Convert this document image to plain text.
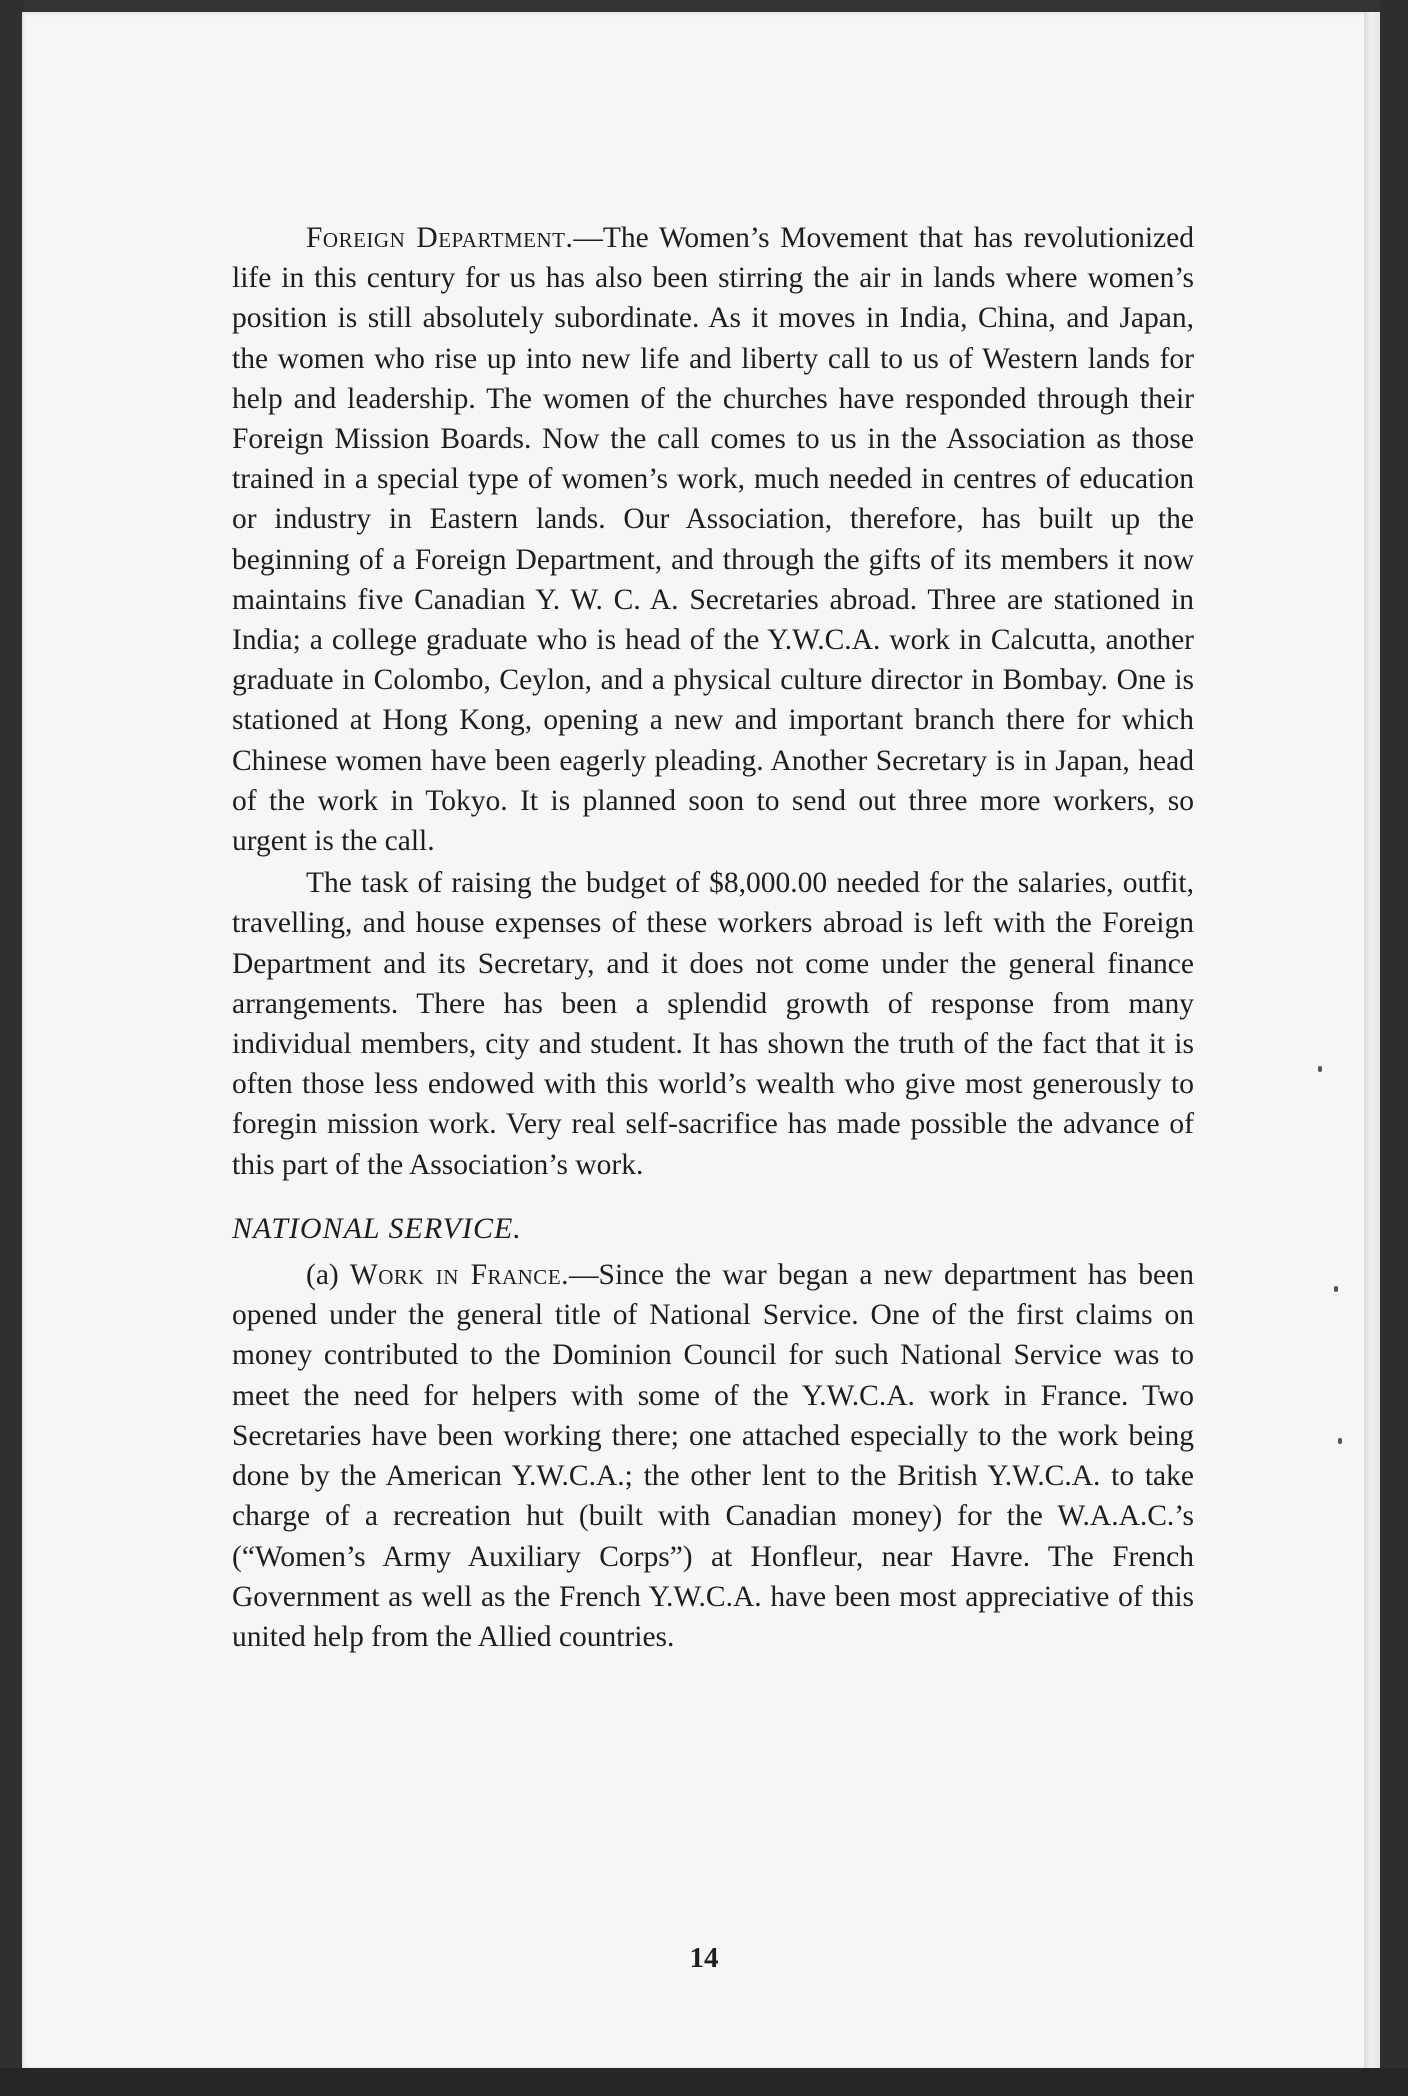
Foreign Department.—The Women’s Movement that has revolutionized life in this century for us has also been stirring the air in lands where women’s position is still absolutely subordinate. As it moves in India, China, and Japan, the women who rise up into new life and liberty call to us of Western lands for help and leadership. The women of the churches have responded through their Foreign Mission Boards. Now the call comes to us in the Association as those trained in a special type of women’s work, much needed in centres of education or industry in Eastern lands. Our Association, therefore, has built up the beginning of a Foreign Department, and through the gifts of its members it now maintains five Canadian Y. W. C. A. Secretaries abroad. Three are stationed in India; a college graduate who is head of the Y.W.C.A. work in Calcutta, another graduate in Colombo, Ceylon, and a physical culture director in Bombay. One is stationed at Hong Kong, opening a new and important branch there for which Chinese women have been eagerly pleading. Another Secretary is in Japan, head of the work in Tokyo. It is planned soon to send out three more workers, so urgent is the call.

The task of raising the budget of $8,000.00 needed for the salaries, outfit, travelling, and house expenses of these workers abroad is left with the Foreign Department and its Secretary, and it does not come under the general finance arrangements. There has been a splendid growth of response from many individual members, city and student. It has shown the truth of the fact that it is often those less endowed with this world’s wealth who give most generously to foregin mission work. Very real self-sacrifice has made possible the advance of this part of the Association’s work.

NATIONAL SERVICE.

(a) Work in France.—Since the war began a new department has been opened under the general title of National Service. One of the first claims on money contributed to the Dominion Council for such National Service was to meet the need for helpers with some of the Y.W.C.A. work in France. Two Secretaries have been working there; one attached especially to the work being done by the American Y.W.C.A.; the other lent to the British Y.W.C.A. to take charge of a recreation hut (built with Canadian money) for the W.A.A.C.’s (“Women’s Army Auxiliary Corps”) at Honfleur, near Havre. The French Government as well as the French Y.W.C.A. have been most appreciative of this united help from the Allied countries.

14
